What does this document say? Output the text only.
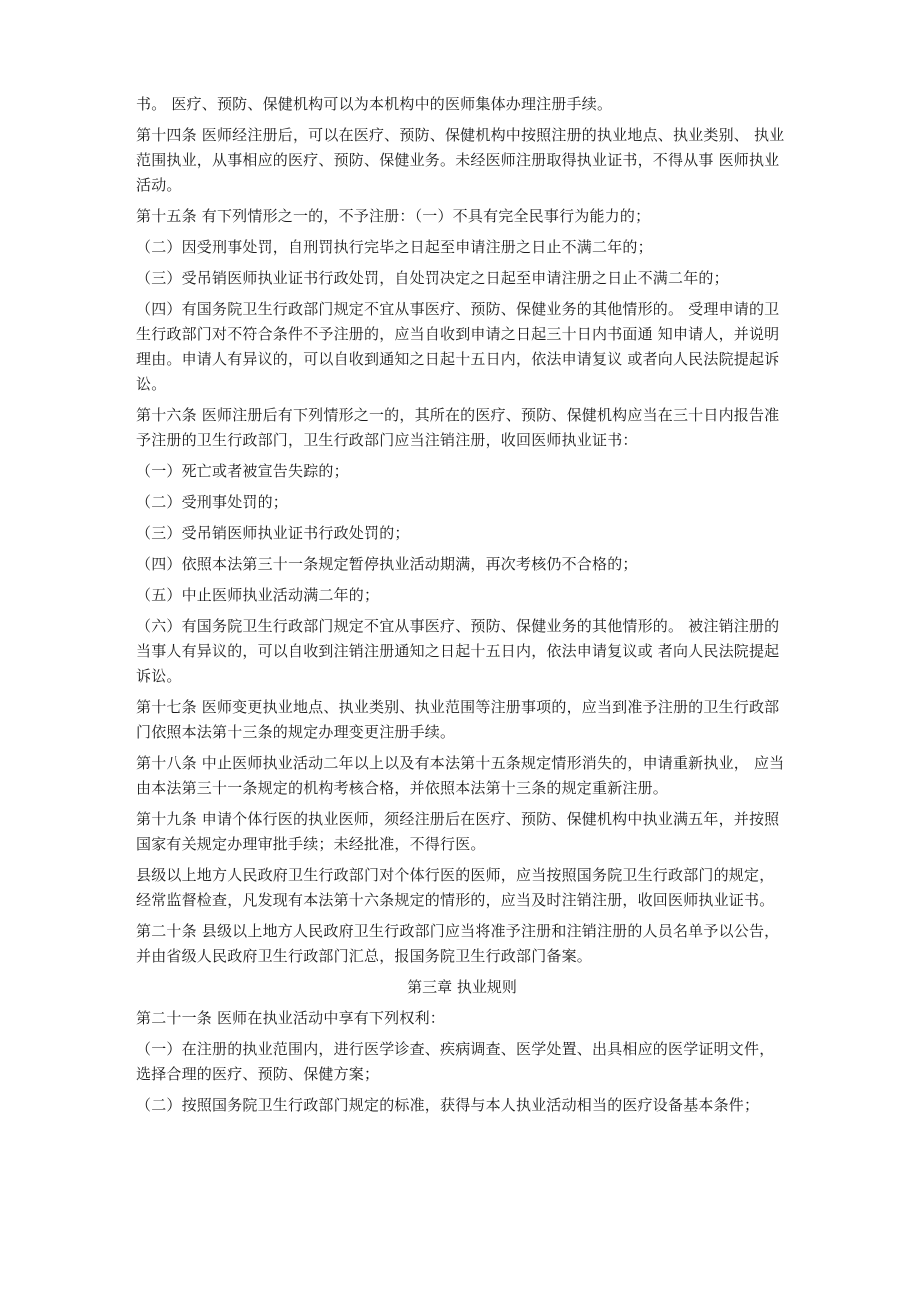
书。 医疗、预防、保健机构可以为本机构中的医师集体办理注册手续。

第十四条 医师经注册后，可以在医疗、预防、保健机构中按照注册的执业地点、执业类别、 执业范围执业，从事相应的医疗、预防、保健业务。未经医师注册取得执业证书，不得从事 医师执业活动。

第十五条 有下列情形之一的，不予注册：（一）不具有完全民事行为能力的；

（二）因受刑事处罚，自刑罚执行完毕之日起至申请注册之日止不满二年的；

（三）受吊销医师执业证书行政处罚，自处罚决定之日起至申请注册之日止不满二年的；

（四）有国务院卫生行政部门规定不宜从事医疗、预防、保健业务的其他情形的。 受理申请的卫生行政部门对不符合条件不予注册的，应当自收到申请之日起三十日内书面通 知申请人，并说明理由。申请人有异议的，可以自收到通知之日起十五日内，依法申请复议 或者向人民法院提起诉讼。

第十六条 医师注册后有下列情形之一的，其所在的医疗、预防、保健机构应当在三十日内报告准予注册的卫生行政部门，卫生行政部门应当注销注册，收回医师执业证书：

（一）死亡或者被宣告失踪的；

（二）受刑事处罚的；

（三）受吊销医师执业证书行政处罚的；

（四）依照本法第三十一条规定暂停执业活动期满，再次考核仍不合格的；

（五）中止医师执业活动满二年的；

（六）有国务院卫生行政部门规定不宜从事医疗、预防、保健业务的其他情形的。 被注销注册的当事人有异议的，可以自收到注销注册通知之日起十五日内，依法申请复议或 者向人民法院提起诉讼。

第十七条 医师变更执业地点、执业类别、执业范围等注册事项的，应当到准予注册的卫生行政部门依照本法第十三条的规定办理变更注册手续。

第十八条 中止医师执业活动二年以上以及有本法第十五条规定情形消失的，申请重新执业， 应当由本法第三十一条规定的机构考核合格，并依照本法第十三条的规定重新注册。

第十九条 申请个体行医的执业医师，须经注册后在医疗、预防、保健机构中执业满五年，并按照国家有关规定办理审批手续；未经批准，不得行医。

县级以上地方人民政府卫生行政部门对个体行医的医师，应当按照国务院卫生行政部门的规定，经常监督检查，凡发现有本法第十六条规定的情形的，应当及时注销注册，收回医师执业证书。

第二十条 县级以上地方人民政府卫生行政部门应当将准予注册和注销注册的人员名单予以公告，并由省级人民政府卫生行政部门汇总，报国务院卫生行政部门备案。

第三章 执业规则

第二十一条 医师在执业活动中享有下列权利：

（一）在注册的执业范围内，进行医学诊查、疾病调查、医学处置、出具相应的医学证明文件，选择合理的医疗、预防、保健方案；

（二）按照国务院卫生行政部门规定的标准，获得与本人执业活动相当的医疗设备基本条件；
